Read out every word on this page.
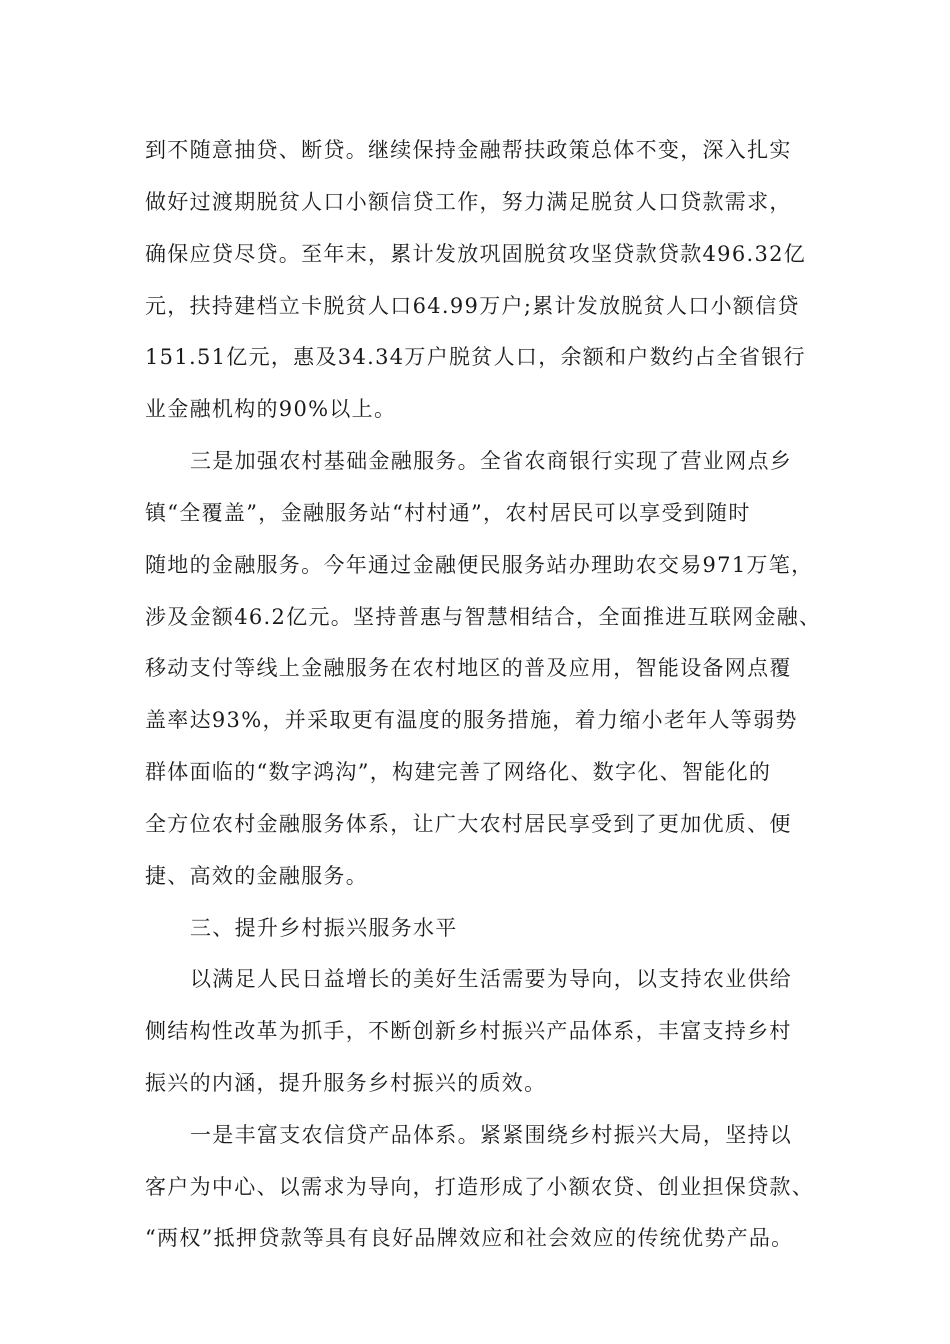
到不随意抽贷、断贷。继续保持金融帮扶政策总体不变，深入扎实
做好过渡期脱贫人口小额信贷工作，努力满足脱贫人口贷款需求，
确保应贷尽贷。至年末，累计发放巩固脱贫攻坚贷款贷款496.32亿
元，扶持建档立卡脱贫人口64.99万户;累计发放脱贫人口小额信贷
151.51亿元，惠及34.34万户脱贫人口，余额和户数约占全省银行
业金融机构的90%以上。
三是加强农村基础金融服务。全省农商银行实现了营业网点乡
镇“全覆盖”，金融服务站“村村通”，农村居民可以享受到随时
随地的金融服务。今年通过金融便民服务站办理助农交易971万笔，
涉及金额46.2亿元。坚持普惠与智慧相结合，全面推进互联网金融、
移动支付等线上金融服务在农村地区的普及应用，智能设备网点覆
盖率达93%，并采取更有温度的服务措施，着力缩小老年人等弱势
群体面临的“数字鸿沟”，构建完善了网络化、数字化、智能化的
全方位农村金融服务体系，让广大农村居民享受到了更加优质、便
捷、高效的金融服务。
三、提升乡村振兴服务水平
以满足人民日益增长的美好生活需要为导向，以支持农业供给
侧结构性改革为抓手，不断创新乡村振兴产品体系，丰富支持乡村
振兴的内涵，提升服务乡村振兴的质效。
一是丰富支农信贷产品体系。紧紧围绕乡村振兴大局，坚持以
客户为中心、以需求为导向，打造形成了小额农贷、创业担保贷款、
“两权”抵押贷款等具有良好品牌效应和社会效应的传统优势产品。
